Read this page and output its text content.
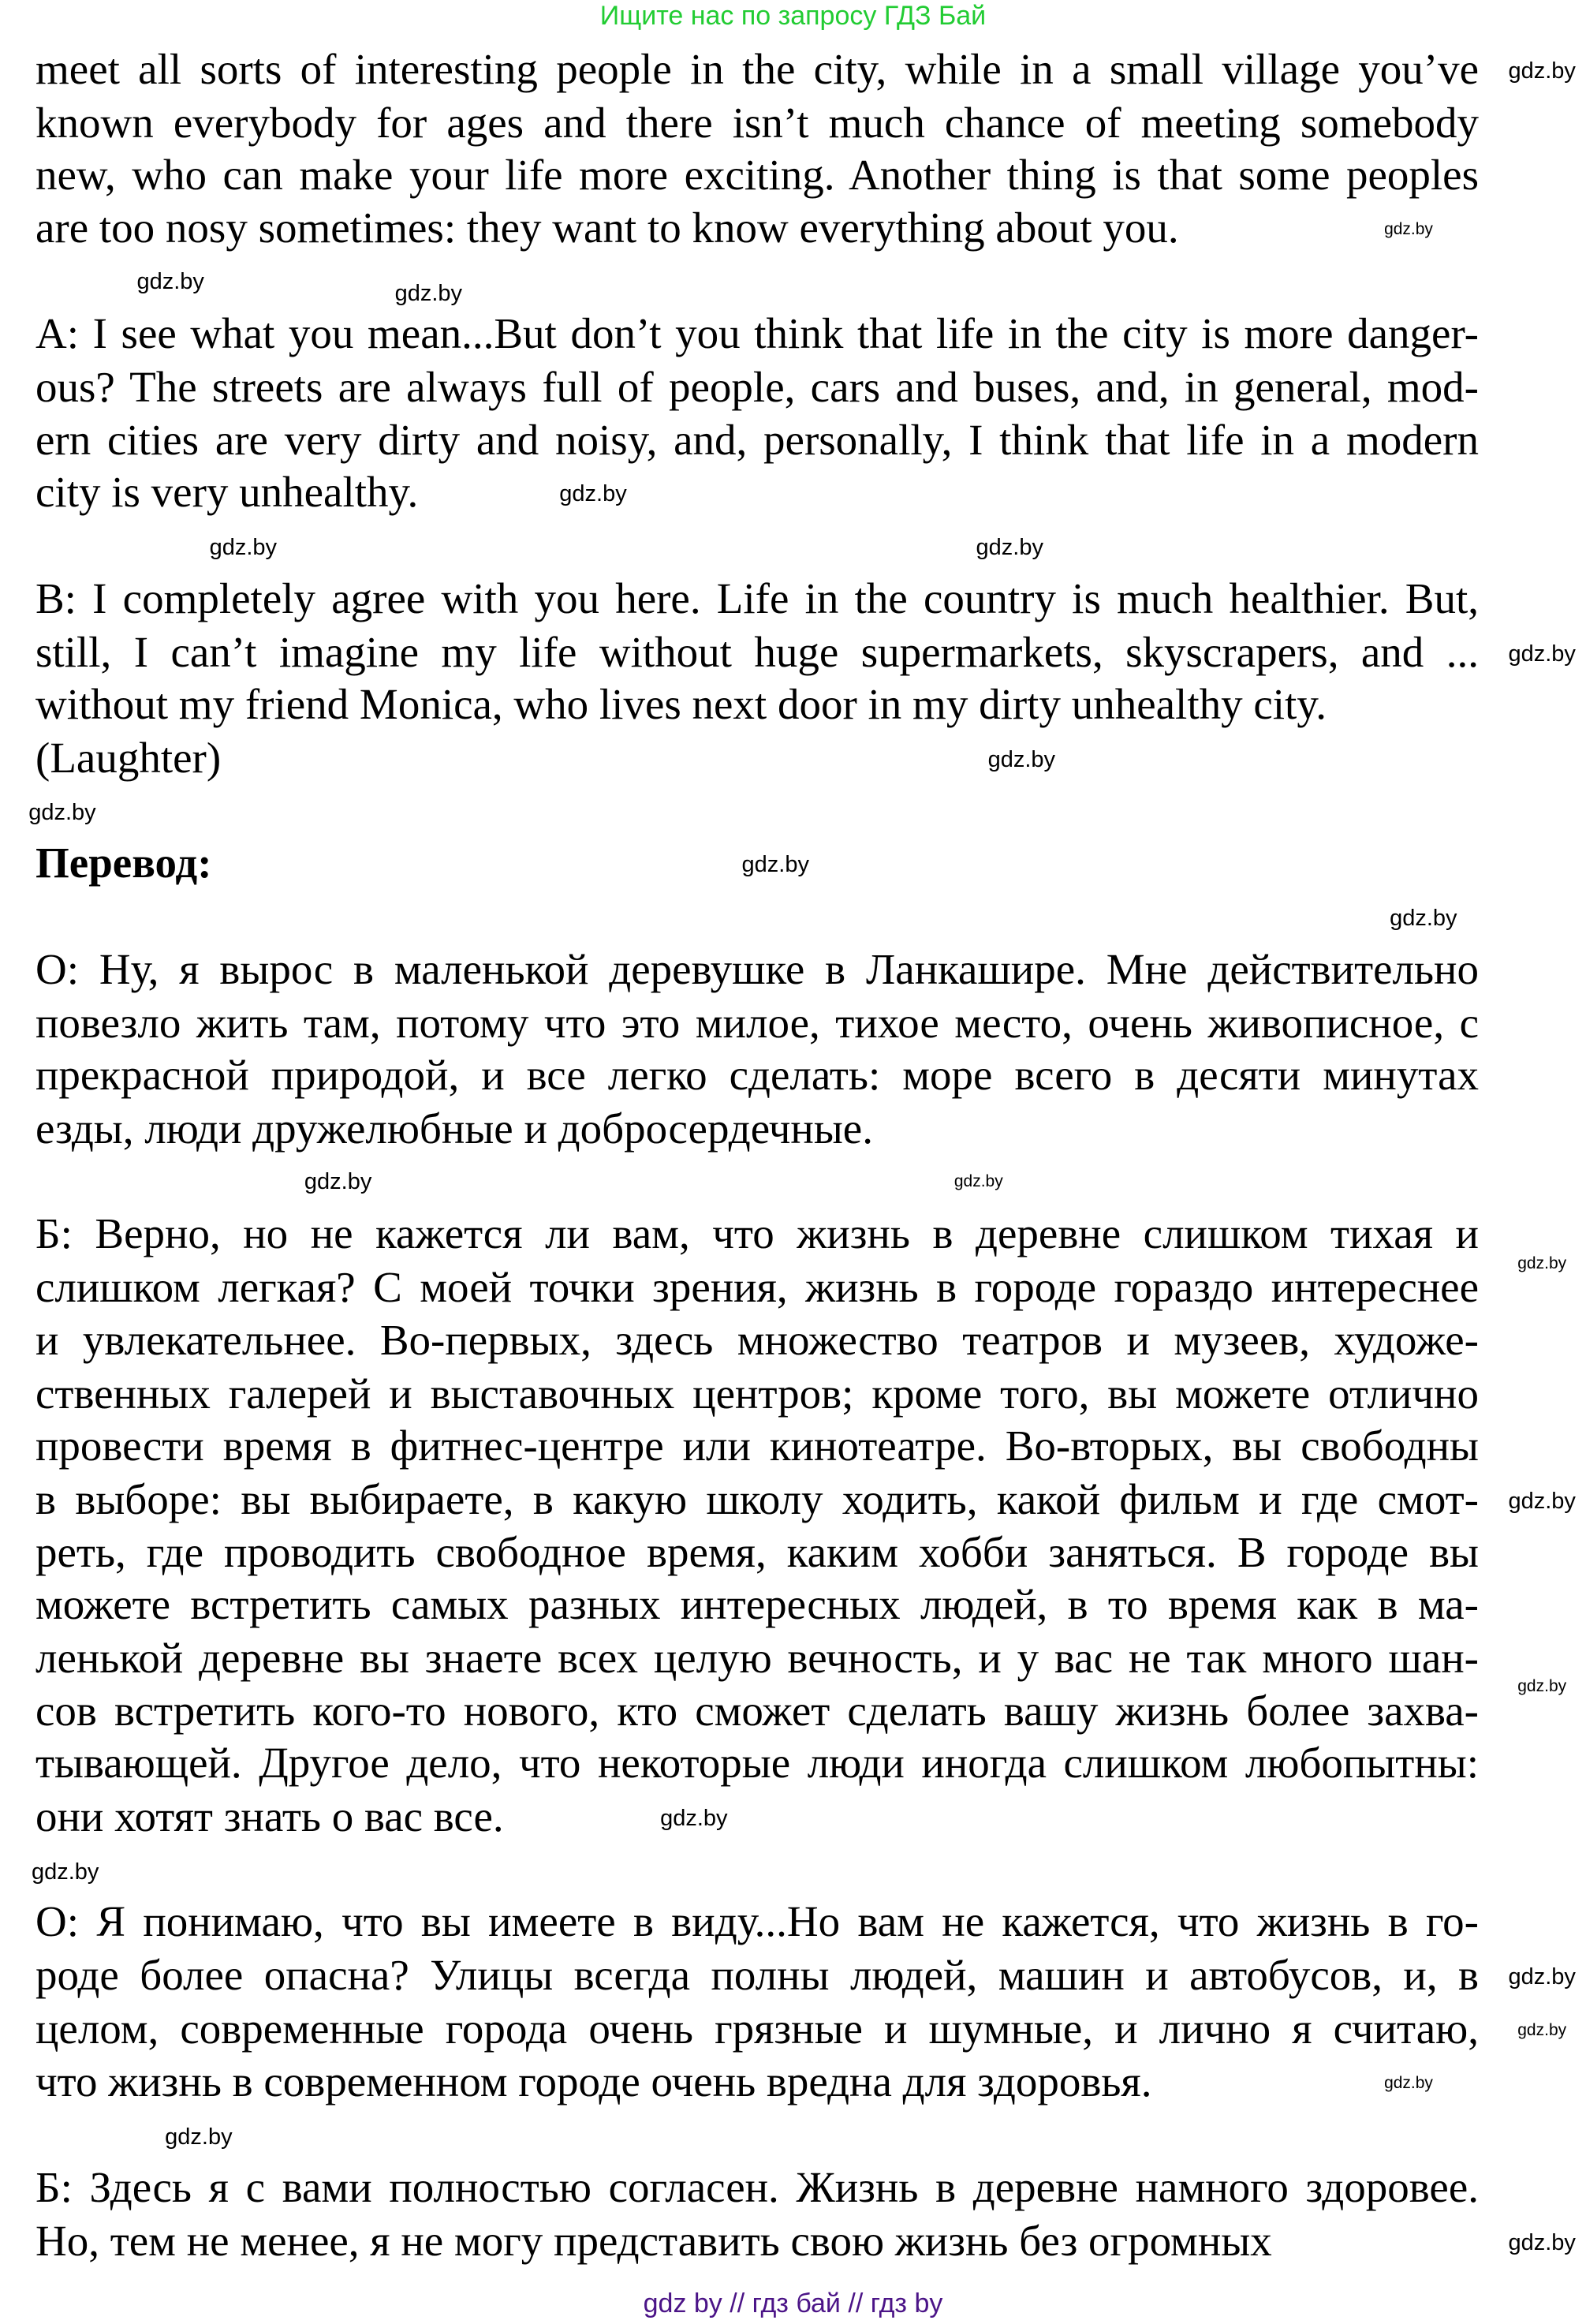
Ищите нас по запросу ГДЗ Бай
meet all sorts of interesting people in the city, while in a small village you’ve
known everybody for ages and there isn’t much chance of meeting somebody
new, who can make your life more exciting. Another thing is that some peoples
are too nosy sometimes: they want to know everything about you.
A: I see what you mean...But don’t you think that life in the city is more danger-
ous? The streets are always full of people, cars and buses, and, in general, mod-
ern cities are very dirty and noisy, and, personally, I think that life in a modern
city is very unhealthy.
B: I completely agree with you here. Life in the country is much healthier. But,
still, I can’t imagine my life without huge supermarkets, skyscrapers, and ...
without my friend Monica, who lives next door in my dirty unhealthy city.
(Laughter)
Перевод:
О: Ну, я вырос в маленькой деревушке в Ланкашире. Мне действительно
повезло жить там, потому что это милое, тихое место, очень живописное, с
прекрасной природой, и все легко сделать: море всего в десяти минутах
езды, люди дружелюбные и добросердечные.
Б: Верно, но не кажется ли вам, что жизнь в деревне слишком тихая и
слишком легкая? С моей точки зрения, жизнь в городе гораздо интереснее
и увлекательнее. Во-первых, здесь множество театров и музеев, художе-
ственных галерей и выставочных центров; кроме того, вы можете отлично
провести время в фитнес-центре или кинотеатре. Во-вторых, вы свободны
в выборе: вы выбираете, в какую школу ходить, какой фильм и где смот-
реть, где проводить свободное время, каким хобби заняться. В городе вы
можете встретить самых разных интересных людей, в то время как в ма-
ленькой деревне вы знаете всех целую вечность, и у вас не так много шан-
сов встретить кого-то нового, кто сможет сделать вашу жизнь более захва-
тывающей. Другое дело, что некоторые люди иногда слишком любопытны:
они хотят знать о вас все.
О: Я понимаю, что вы имеете в виду...Но вам не кажется, что жизнь в го-
роде более опасна? Улицы всегда полны людей, машин и автобусов, и, в
целом, современные города очень грязные и шумные, и лично я считаю,
что жизнь в современном городе очень вредна для здоровья.
Б: Здесь я с вами полностью согласен. Жизнь в деревне намного здоровее.
Но, тем не менее, я не могу представить свою жизнь без огромных
gdz.by
gdz.by
gdz.by	gdz.by
gdz.by
gdz.by
gdz.by
gdz.by
gdz.by
gdz.by
gdz.by
gdz.by
gdz.by	gdz.by
gdz.by
gdz.by
gdz.by
gdz.by
gdz.by
gdz.by
gdz.by
gdz.by
gdz.by
gdz.by
gdz by // гдз бай // гдз by
